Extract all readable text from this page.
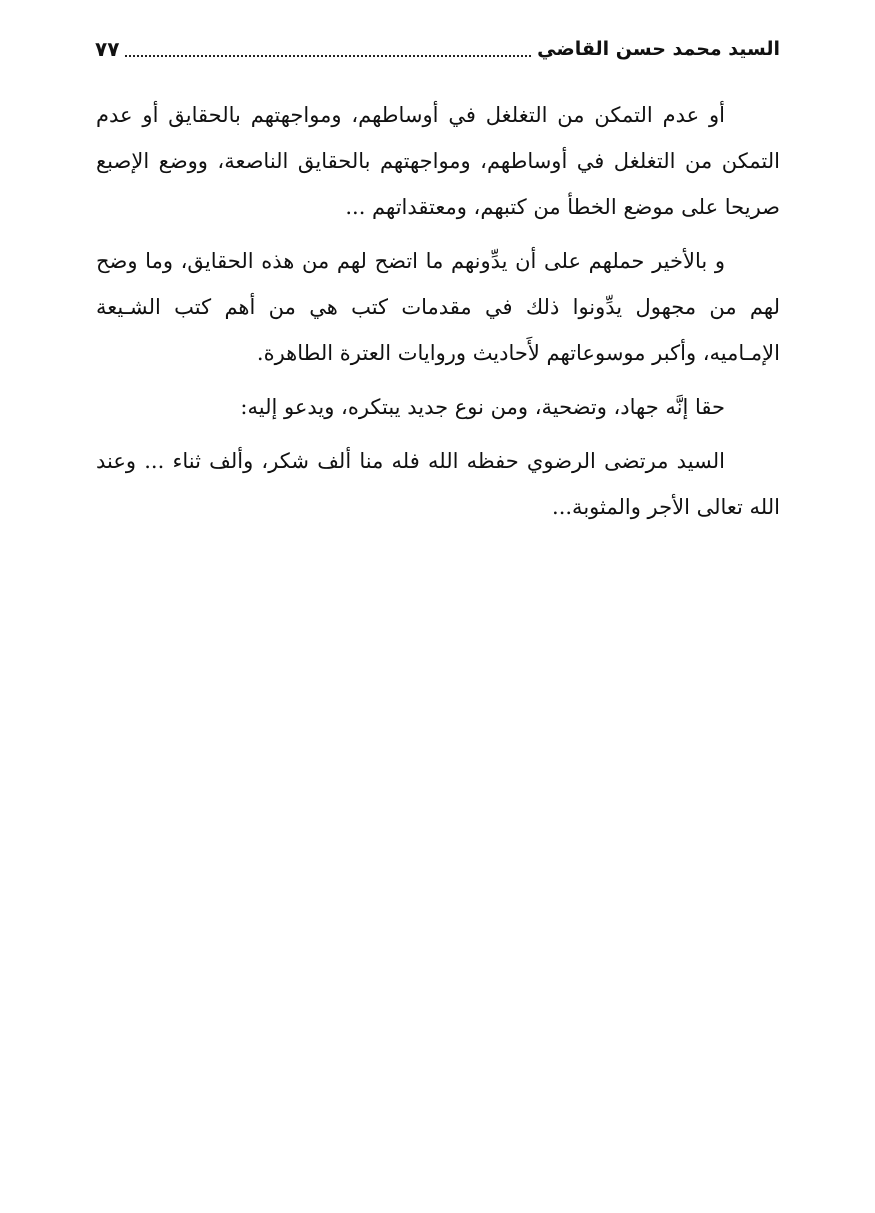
السيد محمد حسن القاضي
٧٧

أو عدم التمكن من التغلغل في أوساطهم، ومواجهتهم بالحقايق أو عدم التمكن من التغلغل في أوساطهم، ومواجهتهم بالحقايق الناصعة، ووضع الإصبع صريحا على موضع الخطأ من كتبهم، ومعتقداتهم ...

و بالأخير حملهم على أن يدِّونهم ما اتضح لهم من هذه الحقايق، وما وضح لهم من مجهول يدِّونوا ذلك في مقدمات كتب هي من أهم كتب الشـيعة الإمـاميه، وأكبر موسوعاتهم لأَحاديث وروايات العترة الطاهرة.

حقا إنَّه جهاد، وتضحية، ومن نوع جديد يبتكره، ويدعو إليه:

السيد مرتضى الرضوي حفظه الله فله منا ألف شكر، وألف ثناء ... وعند الله تعالى الأجر والمثوبة...
